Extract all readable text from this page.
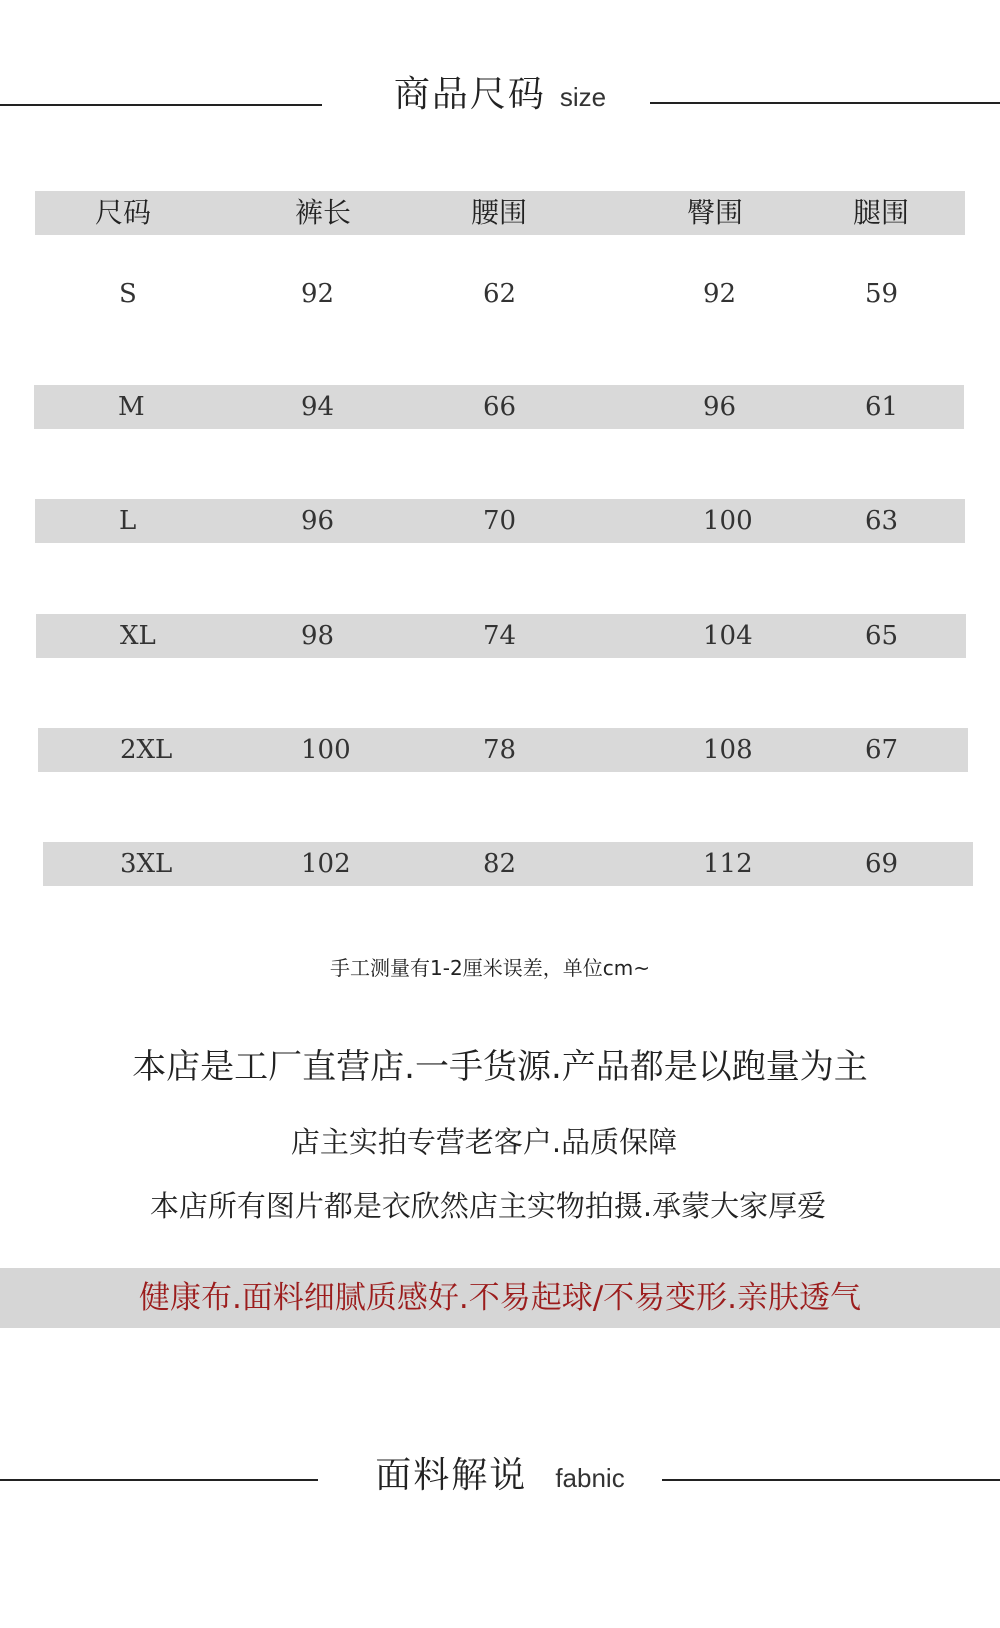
商品尺码 size
尺码	裤长	腰围	臀围	腿围
S	92	62	92	59
M	94	66	96	61
L	96	70	100	63
XL	98	74	104	65
2XL	100	78	108	67
3XL	102	82	112	69
手工测量有1-2厘米误差，单位cm~
本店是工厂直营店.一手货源.产品都是以跑量为主
店主实拍专营老客户.品质保障
本店所有图片都是衣欣然店主实物拍摄.承蒙大家厚爱
健康布.面料细腻质感好.不易起球/不易变形.亲肤透气
面料解说 fabnic
